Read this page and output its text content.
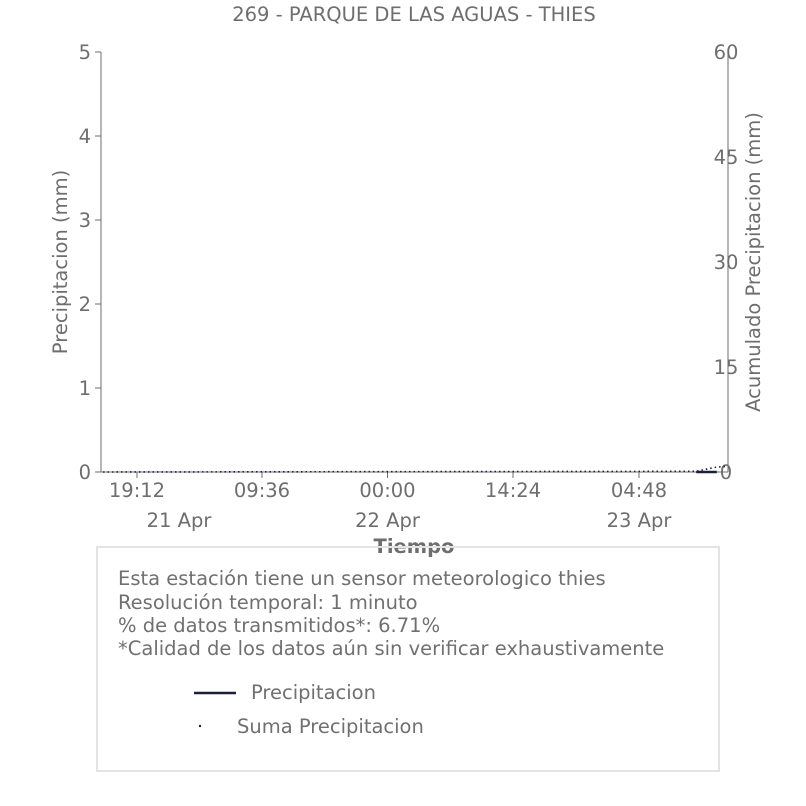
269 - PARQUE DE LAS AGUAS - THIES
0
1
2
3
4
5
0
15
30
45
60
19:12
21 Apr
09:36	00:00
22 Apr
14:24	04:48
23 Apr
Precipitacion (mm)	Acumulado Precipitacion (mm)
Tiempo
Esta estación tiene un sensor meteorologico thies
Resolución temporal: 1 minuto
% de datos transmitidos*: 6.71%
*Calidad de los datos aún sin verificar exhaustivamente
Precipitacion
Suma Precipitacion
